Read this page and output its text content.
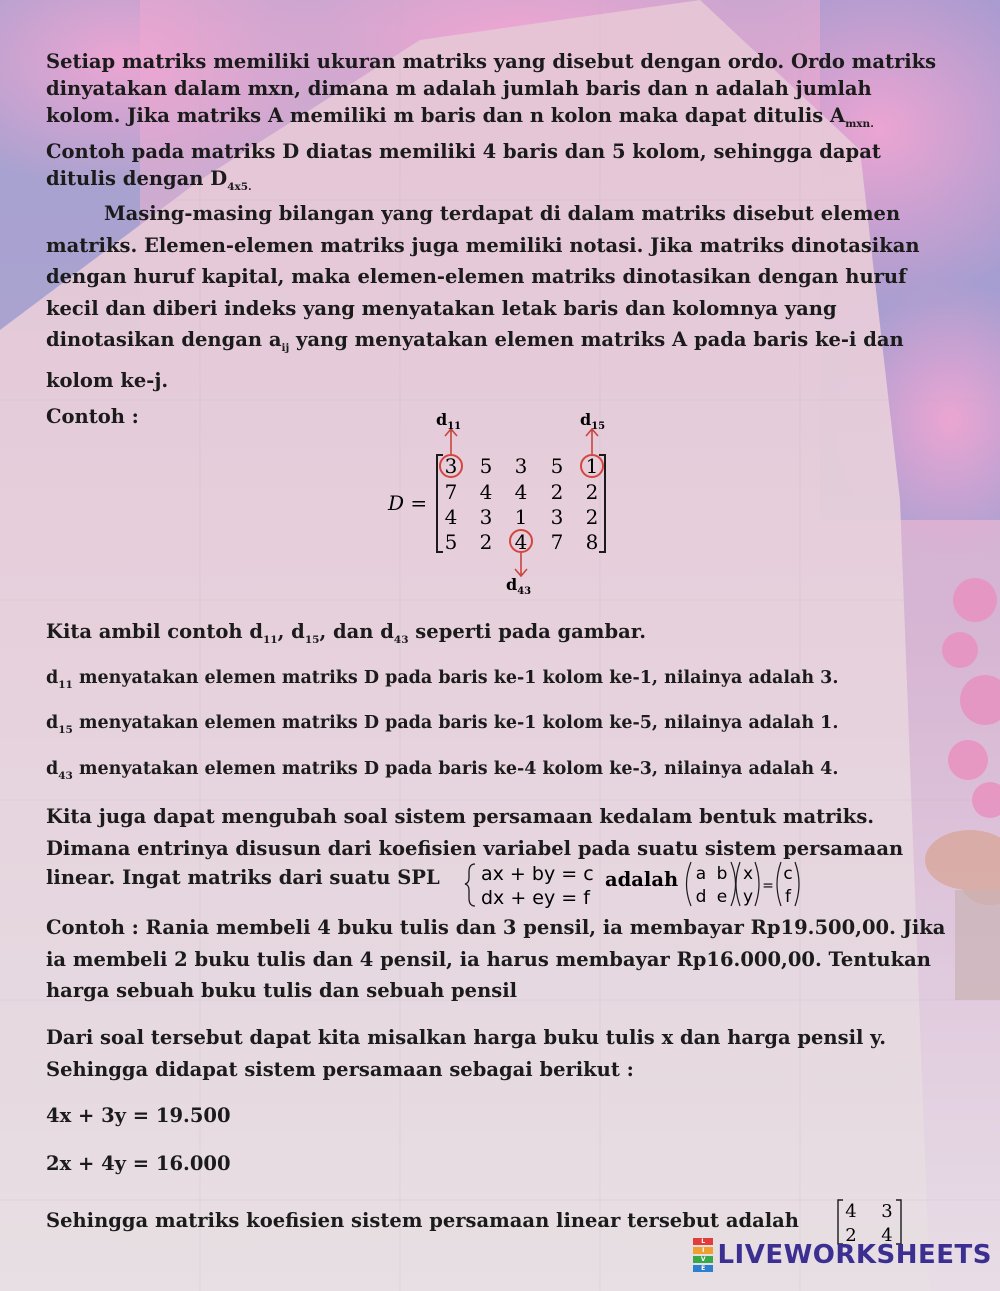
Setiap matriks memiliki ukuran matriks yang disebut dengan ordo. Ordo matriks dinyatakan dalam mxn, dimana m adalah jumlah baris dan n adalah jumlah kolom. Jika matriks A memiliki m baris dan n kolon maka dapat ditulis $A_{mxn.}$ Contoh pada matriks D diatas memiliki 4 baris dan 5 kolom, sehingga dapat ditulis dengan $D_{4x5.}$

Masing-masing bilangan yang terdapat di dalam matriks disebut elemen matriks. Elemen-elemen matriks juga memiliki notasi. Jika matriks dinotasikan dengan huruf kapital, maka elemen-elemen matriks dinotasikan dengan huruf kecil dan diberi indeks yang menyatakan letak baris dan kolomnya yang dinotasikan dengan $a_{ij}$ yang menyatakan elemen matriks A pada baris ke-i dan kolom ke-j.

Contoh :
D =
3 5 3 5 1
7 4 4 2 2
4 3 1 3 2
5 2 4 7 8
$d_{11}$	$d_{15}$
$d_{43}$
Kita ambil contoh $d_{11}$, $d_{15}$, dan $d_{43}$ seperti pada gambar.
$d_{11}$ menyatakan elemen matriks D pada baris ke-1 kolom ke-1, nilainya adalah 3.
$d_{15}$ menyatakan elemen matriks D pada baris ke-1 kolom ke-5, nilainya adalah 1.
$d_{43}$ menyatakan elemen matriks D pada baris ke-4 kolom ke-3, nilainya adalah 4.

Kita juga dapat mengubah soal sistem persamaan kedalam bentuk matriks. Dimana entrinya disusun dari koefisien variabel pada suatu sistem persamaan

linear. Ingat matriks dari suatu SPL ax + by = c
dx + ey = f
adalah a b
d e
x
y
=
c
f

Contoh : Rania membeli 4 buku tulis dan 3 pensil, ia membayar Rp19.500,00. Jika ia membeli 2 buku tulis dan 4 pensil, ia harus membayar Rp16.000,00. Tentukan harga sebuah buku tulis dan sebuah pensil

Dari soal tersebut dapat kita misalkan harga buku tulis x dan harga pensil y. Sehingga didapat sistem persamaan sebagai berikut :

4x + 3y = 19.500
2x + 4y = 16.000
Sehingga matriks koefisien sistem persamaan linear tersebut adalah	4 3
2 4
L
I
V
E LIVEWORKSHEETS
